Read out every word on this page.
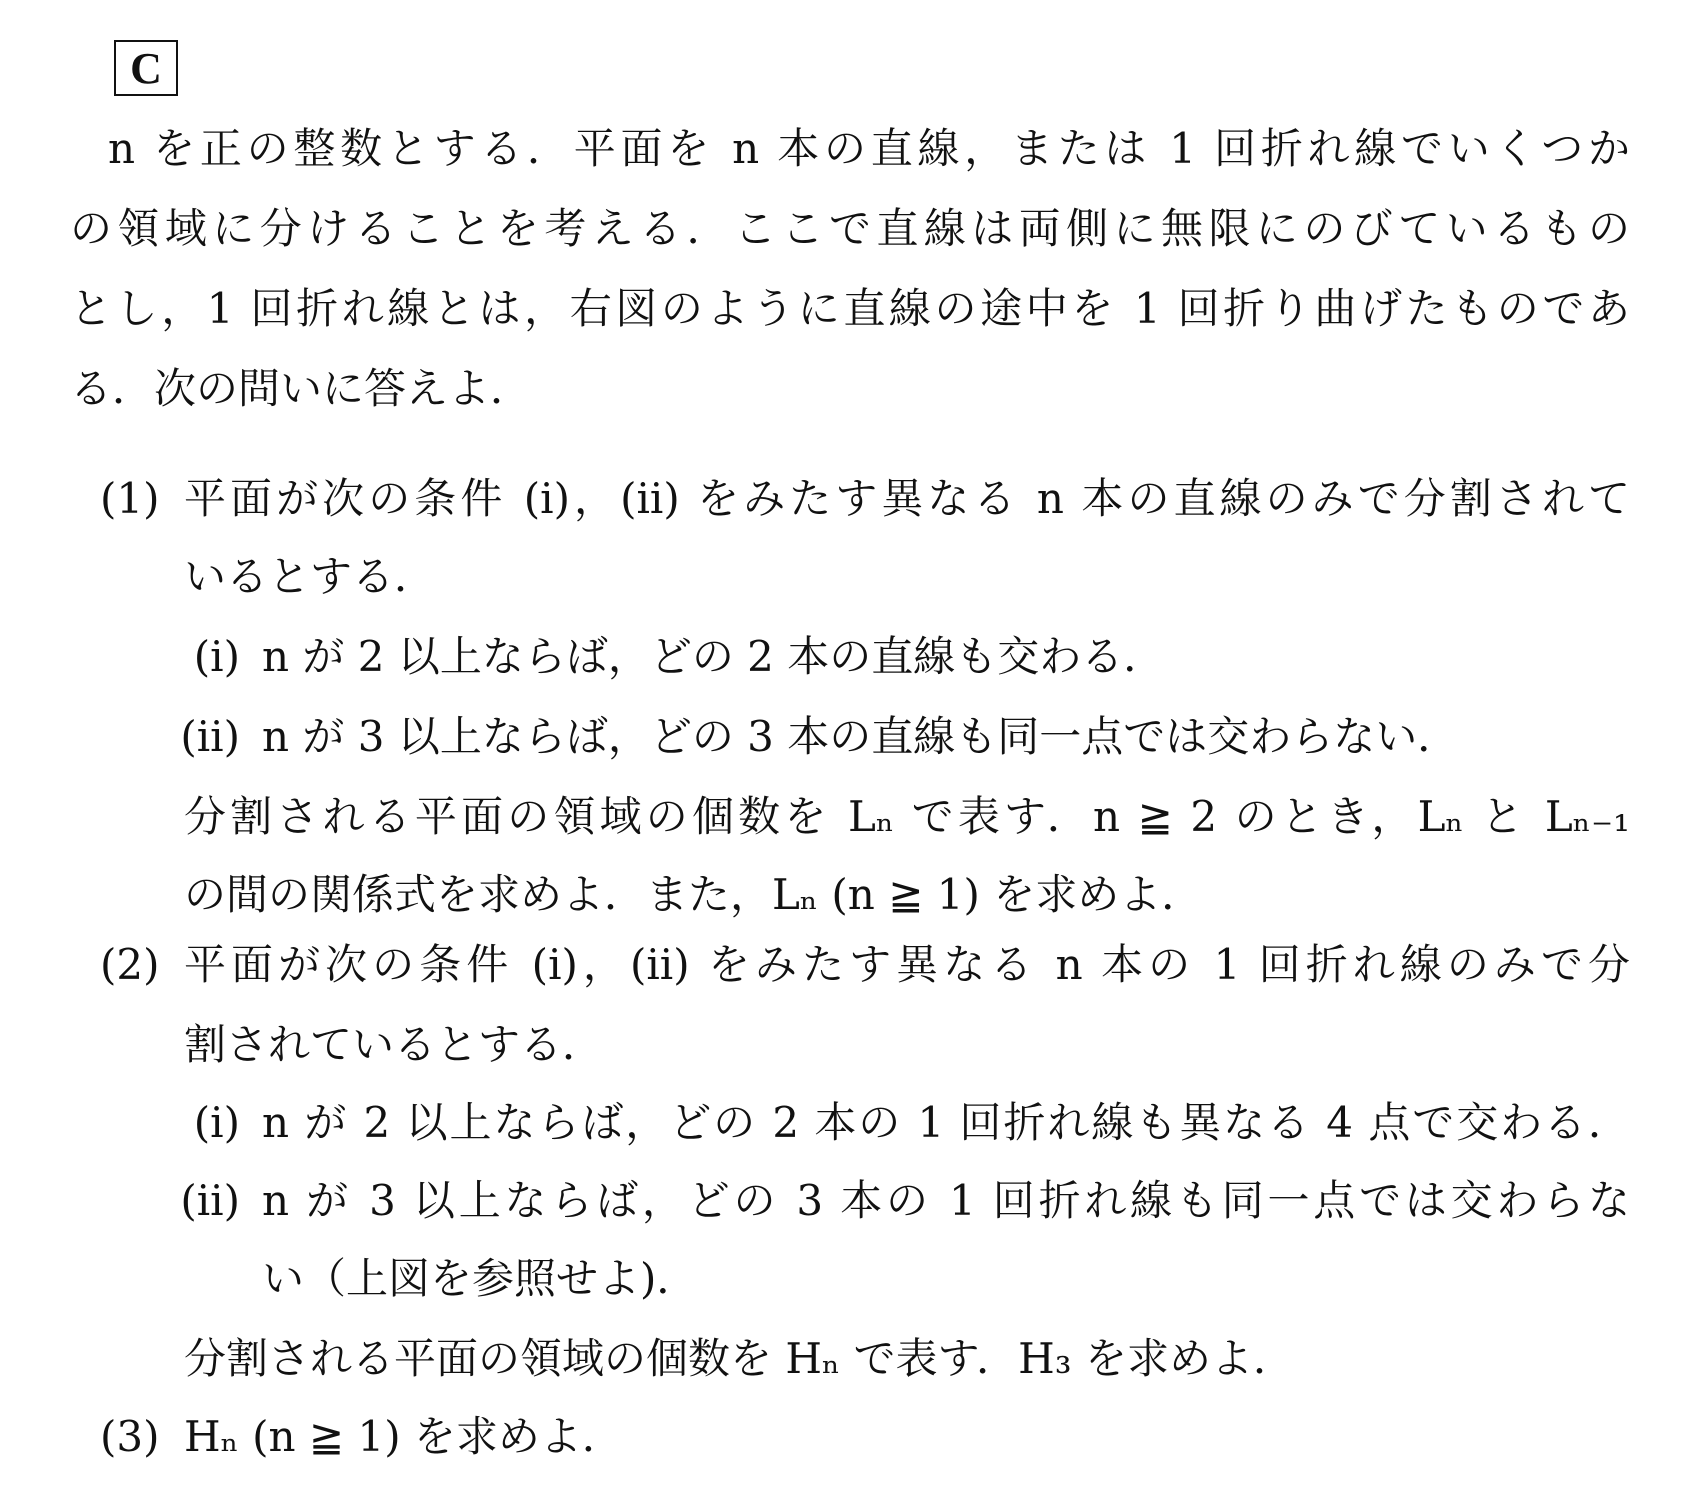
C
n を正の整数とする．平面を n 本の直線，または 1 回折れ線でいくつか
の領域に分けることを考える．ここで直線は両側に無限にのびているもの
とし，1 回折れ線とは，右図のように直線の途中を 1 回折り曲げたものであ
る．次の問いに答えよ．
(1) 平面が次の条件 (i)，(ii) をみたす異なる n 本の直線のみで分割されて
いるとする．
(i) n が 2 以上ならば，どの 2 本の直線も交わる．
(ii) n が 3 以上ならば，どの 3 本の直線も同一点では交わらない．
分割される平面の領域の個数を Lₙ で表す．n ≧ 2 のとき，Lₙ と Lₙ₋₁
の間の関係式を求めよ．また，Lₙ (n ≧ 1) を求めよ．
(2) 平面が次の条件 (i)，(ii) をみたす異なる n 本の 1 回折れ線のみで分
割されているとする．
(i) n が 2 以上ならば，どの 2 本の 1 回折れ線も異なる 4 点で交わる．
(ii) n が 3 以上ならば，どの 3 本の 1 回折れ線も同一点では交わらな
い（上図を参照せよ)．
分割される平面の領域の個数を Hₙ で表す．H₃ を求めよ．
(3) Hₙ (n ≧ 1) を求めよ．
